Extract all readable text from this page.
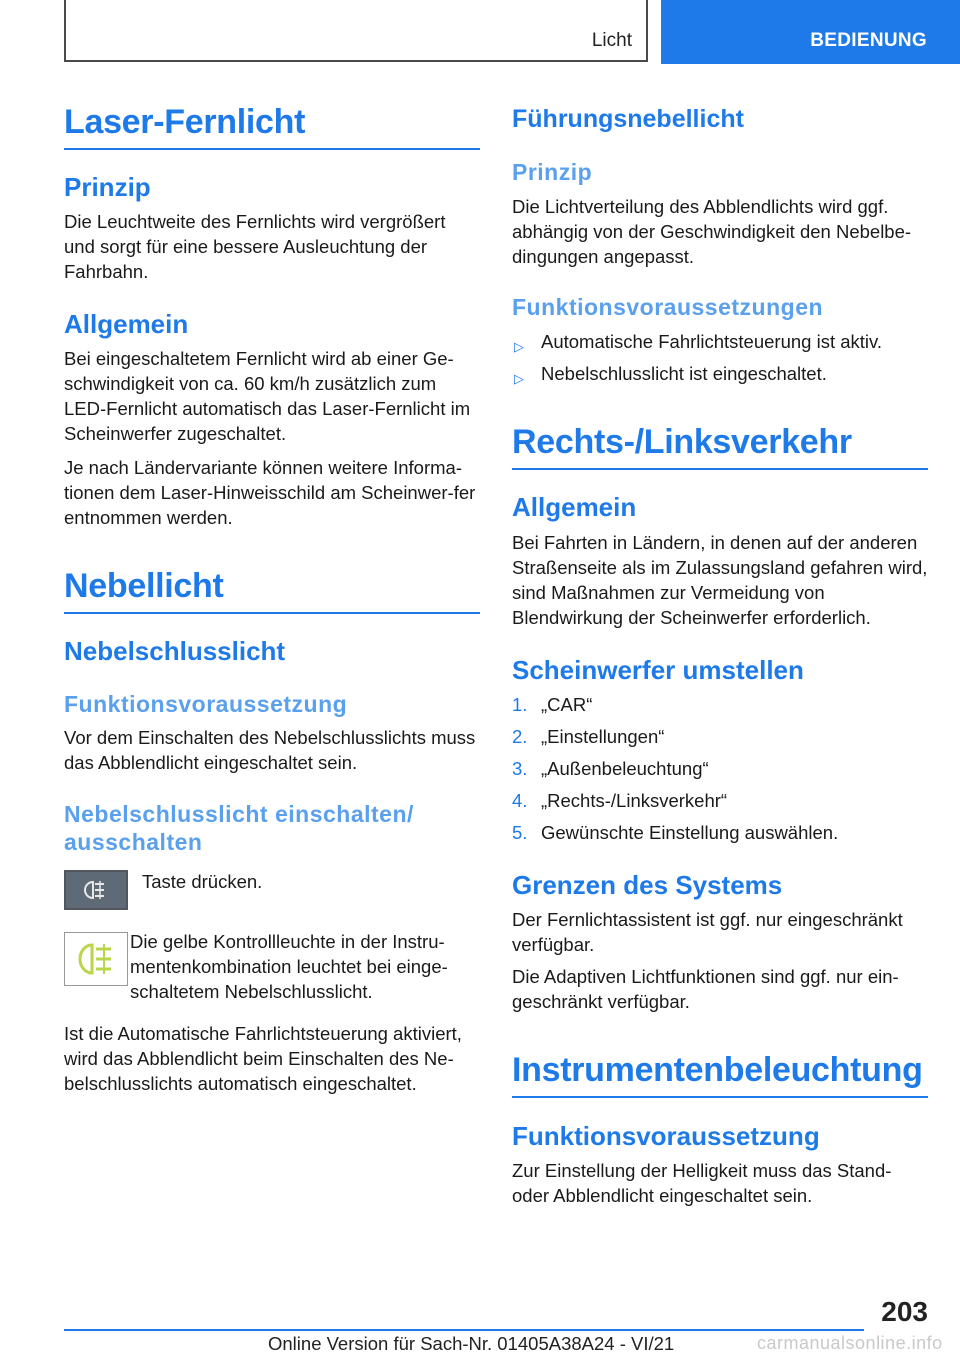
Licht	BEDIENUNG
Laser-Fernlicht
Prinzip

Die Leuchtweite des Fernlichts wird vergrößert und sorgt für eine bessere Ausleuchtung der Fahrbahn.

Allgemein

Bei eingeschaltetem Fernlicht wird ab einer Ge-schwindigkeit von ca. 60 km/h zusätzlich zum LED-Fernlicht automatisch das Laser-Fernlicht im Scheinwerfer zugeschaltet.

Je nach Ländervariante können weitere Informa-tionen dem Laser-Hinweisschild am Scheinwer-fer entnommen werden.

Nebellicht
Nebelschlusslicht
Funktionsvoraussetzung

Vor dem Einschalten des Nebelschlusslichts muss das Abblendlicht eingeschaltet sein.

Nebelschlusslicht einschalten/
ausschalten

Taste drücken.

Die gelbe Kontrollleuchte in der Instru-mentenkombination leuchtet bei einge-schaltetem Nebelschlusslicht.

Ist die Automatische Fahrlichtsteuerung aktiviert, wird das Abblendlicht beim Einschalten des Ne-belschlusslichts automatisch eingeschaltet.

Führungsnebellicht
Prinzip

Die Lichtverteilung des Abblendlichts wird ggf. abhängig von der Geschwindigkeit den Nebelbe-dingungen angepasst.

Funktionsvoraussetzungen
▷ Automatische Fahrlichtsteuerung ist aktiv.
▷ Nebelschlusslicht ist eingeschaltet.
Rechts-/Linksverkehr
Allgemein

Bei Fahrten in Ländern, in denen auf der anderen Straßenseite als im Zulassungsland gefahren wird, sind Maßnahmen zur Vermeidung von Blendwirkung der Scheinwerfer erforderlich.

Scheinwerfer umstellen
1. „CAR“
2. „Einstellungen“
3. „Außenbeleuchtung“
4. „Rechts-/Linksverkehr“
5. Gewünschte Einstellung auswählen.
Grenzen des Systems

Der Fernlichtassistent ist ggf. nur eingeschränkt verfügbar.

Die Adaptiven Lichtfunktionen sind ggf. nur ein-geschränkt verfügbar.

Instrumentenbeleuchtung
Funktionsvoraussetzung

Zur Einstellung der Helligkeit muss das Stand- oder Abblendlicht eingeschaltet sein.

203
Online Version für Sach-Nr. 01405A38A24 - VI/21	carmanualsonline.info
